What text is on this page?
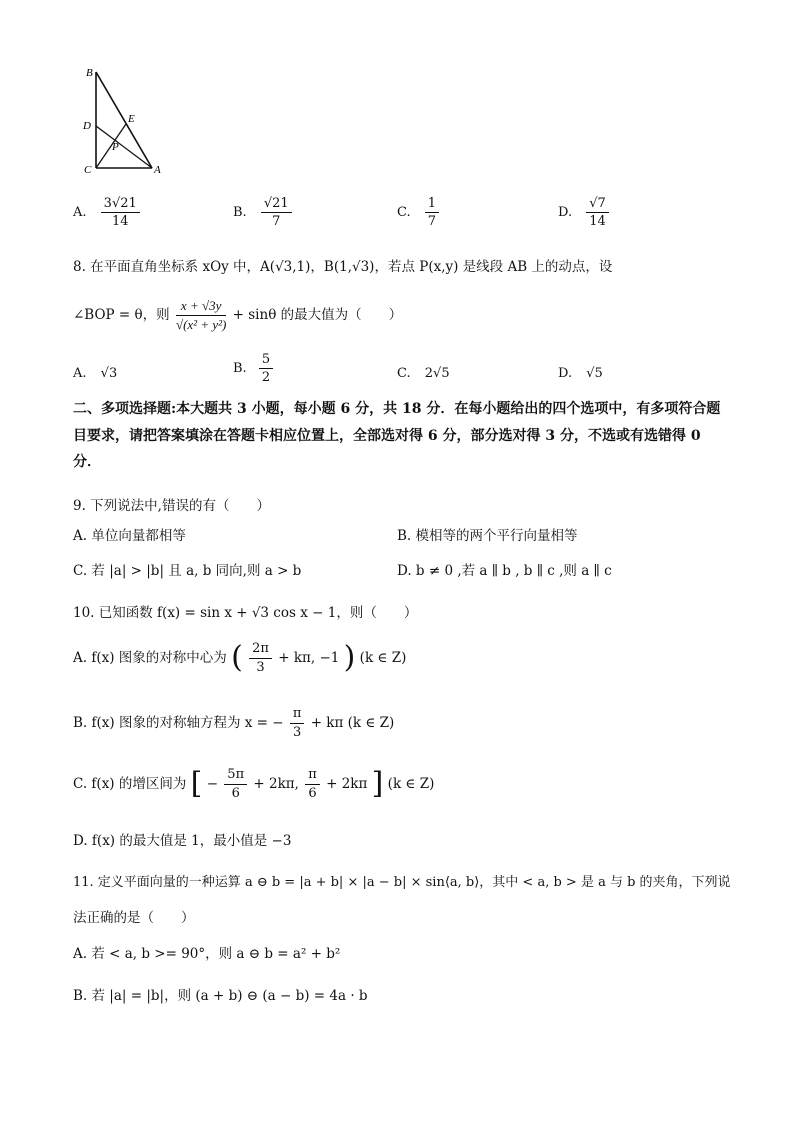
B
D
E
P
C	A
A. $\frac{3√21}{14}$	B. $\frac{√21}{7}$	C. $\frac{1}{7}$	D. $\frac{√7}{14}$
8. 在平面直角坐标系 xOy 中，A(√3,1)，B(1,√3)，若点 P(x,y) 是线段 AB 上的动点，设
∠BOP = θ，则 $\frac{x + √3y}{\text{√(x² + y²)}} + \sin\theta$ 的最大值为（　　）
A. √3	B. $\frac{5}{2}$	C. 2√5	D. √5
二、多项选择题:本大题共 3 小题，每小题 6 分，共 18 分．在每小题给出的四个选项中，有多项符合题目要求，请把答案填涂在答题卡相应位置上，全部选对得 6 分，部分选对得 3 分，不选或有选错得 0 分．
9. 下列说法中,错误的有（　　）
A. 单位向量都相等	B. 模相等的两个平行向量相等
C. 若 |a| > |b| 且 a, b 同向,则 a > b	D. b ≠ 0 ,若 a ∥ b , b ∥ c ,则 a ∥ c
10. 已知函数 f(x) = sin x + √3 cos x − 1，则（　　）
A. f(x) 图象的对称中心为 ( $\frac{2\pi}{3} + k\pi$, −1 ) (k ∈ Z)
B. f(x) 图象的对称轴方程为 x = − $\frac{\pi}{3} + k\pi$ (k ∈ Z)
C. f(x) 的增区间为 [ − $\frac{5\pi}{6} + 2k\pi$, $\frac{\pi}{6} + 2k\pi$ ] (k ∈ Z)
D. f(x) 的最大值是 1，最小值是 −3
11. 定义平面向量的一种运算 a ⊖ b = |a + b| × |a − b| × sin⟨a, b⟩，其中 < a, b > 是 a 与 b 的夹角，下列说
法正确的是（　　）
A. 若 < a, b >= 90°，则 a ⊖ b = a² + b²
B. 若 |a| = |b|，则 (a + b) ⊖ (a − b) = 4a · b
